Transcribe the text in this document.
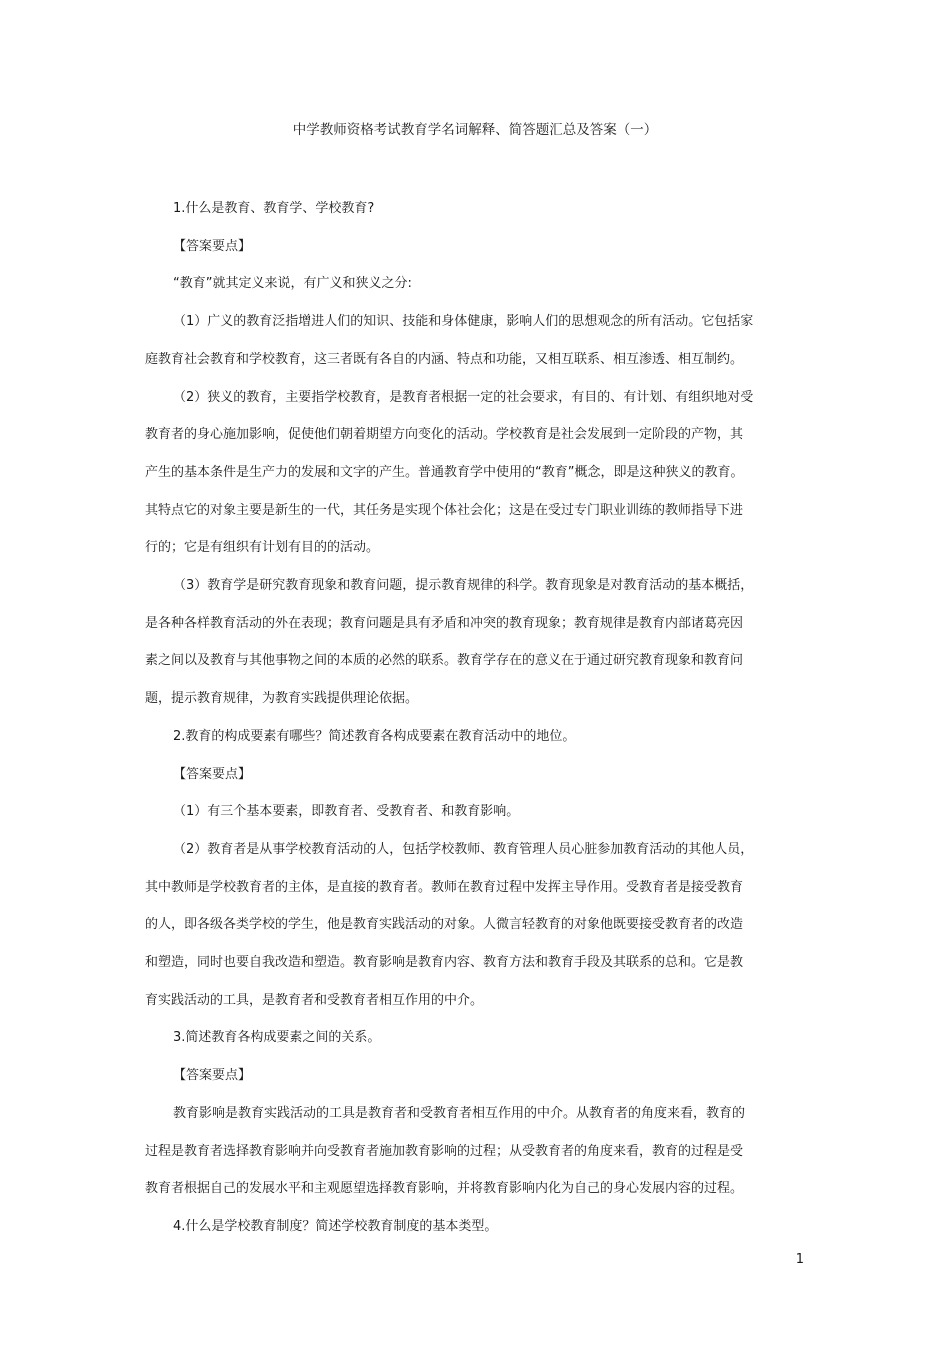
中学教师资格考试教育学名词解释、简答题汇总及答案（一）

1.什么是教育、教育学、学校教育?

【答案要点】

“教育”就其定义来说，有广义和狭义之分:

（1）广义的教育泛指增进人们的知识、技能和身体健康，影响人们的思想观念的所有活动。它包括家

庭教育社会教育和学校教育，这三者既有各自的内涵、特点和功能，又相互联系、相互渗透、相互制约。

（2）狭义的教育，主要指学校教育，是教育者根据一定的社会要求，有目的、有计划、有组织地对受

教育者的身心施加影响，促使他们朝着期望方向变化的活动。学校教育是社会发展到一定阶段的产物，其

产生的基本条件是生产力的发展和文字的产生。普通教育学中使用的“教育”概念，即是这种狭义的教育。

其特点它的对象主要是新生的一代，其任务是实现个体社会化；这是在受过专门职业训练的教师指导下进

行的；它是有组织有计划有目的的活动。

（3）教育学是研究教育现象和教育问题，提示教育规律的科学。教育现象是对教育活动的基本概括，

是各种各样教育活动的外在表现；教育问题是具有矛盾和冲突的教育现象；教育规律是教育内部诸葛亮因

素之间以及教育与其他事物之间的本质的必然的联系。教育学存在的意义在于通过研究教育现象和教育问

题，提示教育规律，为教育实践提供理论依据。

2.教育的构成要素有哪些？简述教育各构成要素在教育活动中的地位。

【答案要点】

（1）有三个基本要素，即教育者、受教育者、和教育影响。

（2）教育者是从事学校教育活动的人，包括学校教师、教育管理人员心脏参加教育活动的其他人员，

其中教师是学校教育者的主体，是直接的教育者。教师在教育过程中发挥主导作用。受教育者是接受教育

的人，即各级各类学校的学生，他是教育实践活动的对象。人微言轻教育的对象他既要接受教育者的改造

和塑造，同时也要自我改造和塑造。教育影响是教育内容、教育方法和教育手段及其联系的总和。它是教

育实践活动的工具，是教育者和受教育者相互作用的中介。

3.简述教育各构成要素之间的关系。

【答案要点】

教育影响是教育实践活动的工具是教育者和受教育者相互作用的中介。从教育者的角度来看，教育的

过程是教育者选择教育影响并向受教育者施加教育影响的过程；从受教育者的角度来看，教育的过程是受

教育者根据自己的发展水平和主观愿望选择教育影响，并将教育影响内化为自己的身心发展内容的过程。

4.什么是学校教育制度？简述学校教育制度的基本类型。

1
